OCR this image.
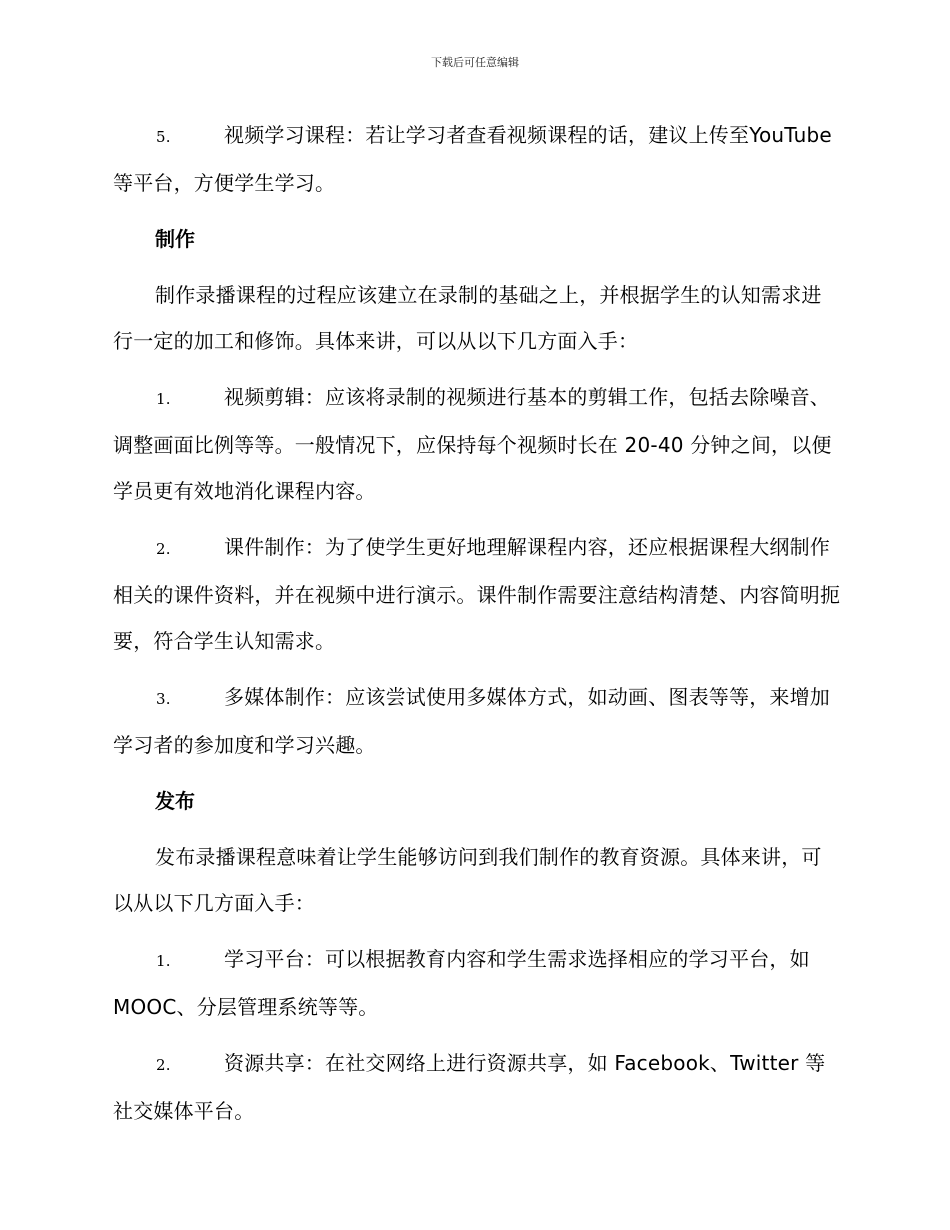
下载后可任意编辑

5.	视频学习课程：若让学习者查看视频课程的话，建议上传至YouTube 等平台，方便学生学习。

制作

制作录播课程的过程应该建立在录制的基础之上，并根据学生的认知需求进行一定的加工和修饰。具体来讲，可以从以下几方面入手：

1.	视频剪辑：应该将录制的视频进行基本的剪辑工作，包括去除噪音、调整画面比例等等。一般情况下，应保持每个视频时长在 20-40 分钟之间，以便学员更有效地消化课程内容。

2.	课件制作：为了使学生更好地理解课程内容，还应根据课程大纲制作相关的课件资料，并在视频中进行演示。课件制作需要注意结构清楚、内容简明扼要，符合学生认知需求。

3.	多媒体制作：应该尝试使用多媒体方式，如动画、图表等等，来增加学习者的参加度和学习兴趣。

发布

发布录播课程意味着让学生能够访问到我们制作的教育资源。具体来讲，可以从以下几方面入手：

1.	学习平台：可以根据教育内容和学生需求选择相应的学习平台，如 MOOC、分层管理系统等等。

2.	资源共享：在社交网络上进行资源共享，如 Facebook、Twitter 等社交媒体平台。
